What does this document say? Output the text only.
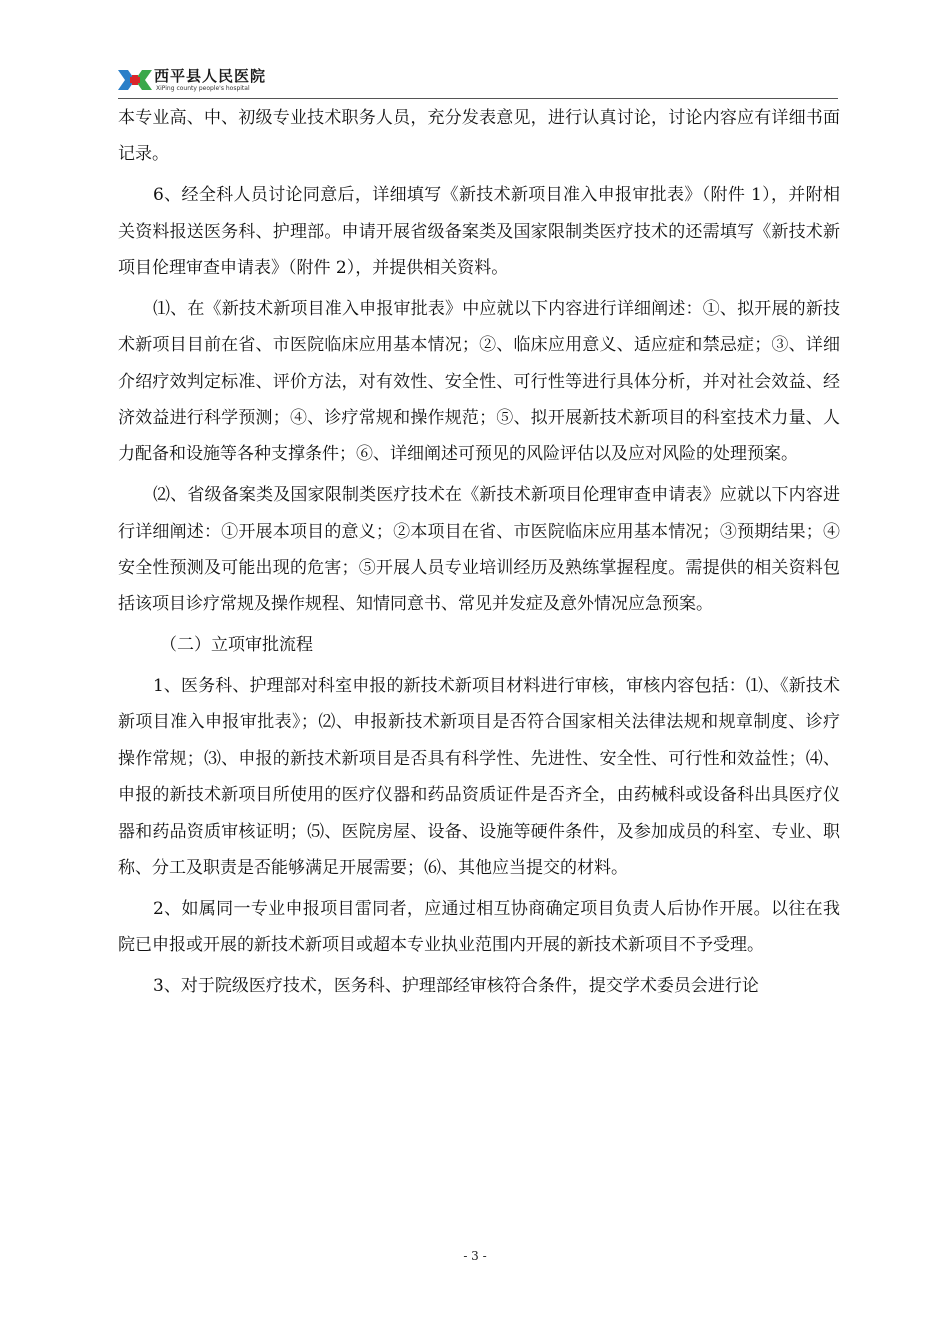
西平县人民医院
XiPing county people's hospital

本专业高、中、初级专业技术职务人员，充分发表意见，进行认真讨论，讨论内容应有详细书面记录。

6、经全科人员讨论同意后，详细填写《新技术新项目准入申报审批表》（附件 1），并附相关资料报送医务科、护理部。申请开展省级备案类及国家限制类医疗技术的还需填写《新技术新项目伦理审查申请表》（附件 2），并提供相关资料。

⑴、在《新技术新项目准入申报审批表》中应就以下内容进行详细阐述：①、拟开展的新技术新项目目前在省、市医院临床应用基本情况；②、临床应用意义、适应症和禁忌症；③、详细介绍疗效判定标准、评价方法，对有效性、安全性、可行性等进行具体分析，并对社会效益、经济效益进行科学预测；④、诊疗常规和操作规范；⑤、拟开展新技术新项目的科室技术力量、人力配备和设施等各种支撑条件；⑥、详细阐述可预见的风险评估以及应对风险的处理预案。

⑵、省级备案类及国家限制类医疗技术在《新技术新项目伦理审查申请表》应就以下内容进行详细阐述：①开展本项目的意义；②本项目在省、市医院临床应用基本情况；③预期结果；④安全性预测及可能出现的危害；⑤开展人员专业培训经历及熟练掌握程度。需提供的相关资料包括该项目诊疗常规及操作规程、知情同意书、常见并发症及意外情况应急预案。

（二）立项审批流程

1、医务科、护理部对科室申报的新技术新项目材料进行审核，审核内容包括：⑴、《新技术新项目准入申报审批表》；⑵、申报新技术新项目是否符合国家相关法律法规和规章制度、诊疗操作常规；⑶、申报的新技术新项目是否具有科学性、先进性、安全性、可行性和效益性；⑷、申报的新技术新项目所使用的医疗仪器和药品资质证件是否齐全，由药械科或设备科出具医疗仪器和药品资质审核证明；⑸、医院房屋、设备、设施等硬件条件，及参加成员的科室、专业、职称、分工及职责是否能够满足开展需要；⑹、其他应当提交的材料。

2、如属同一专业申报项目雷同者，应通过相互协商确定项目负责人后协作开展。以往在我院已申报或开展的新技术新项目或超本专业执业范围内开展的新技术新项目不予受理。

3、对于院级医疗技术，医务科、护理部经审核符合条件，提交学术委员会进行论

- 3 -
